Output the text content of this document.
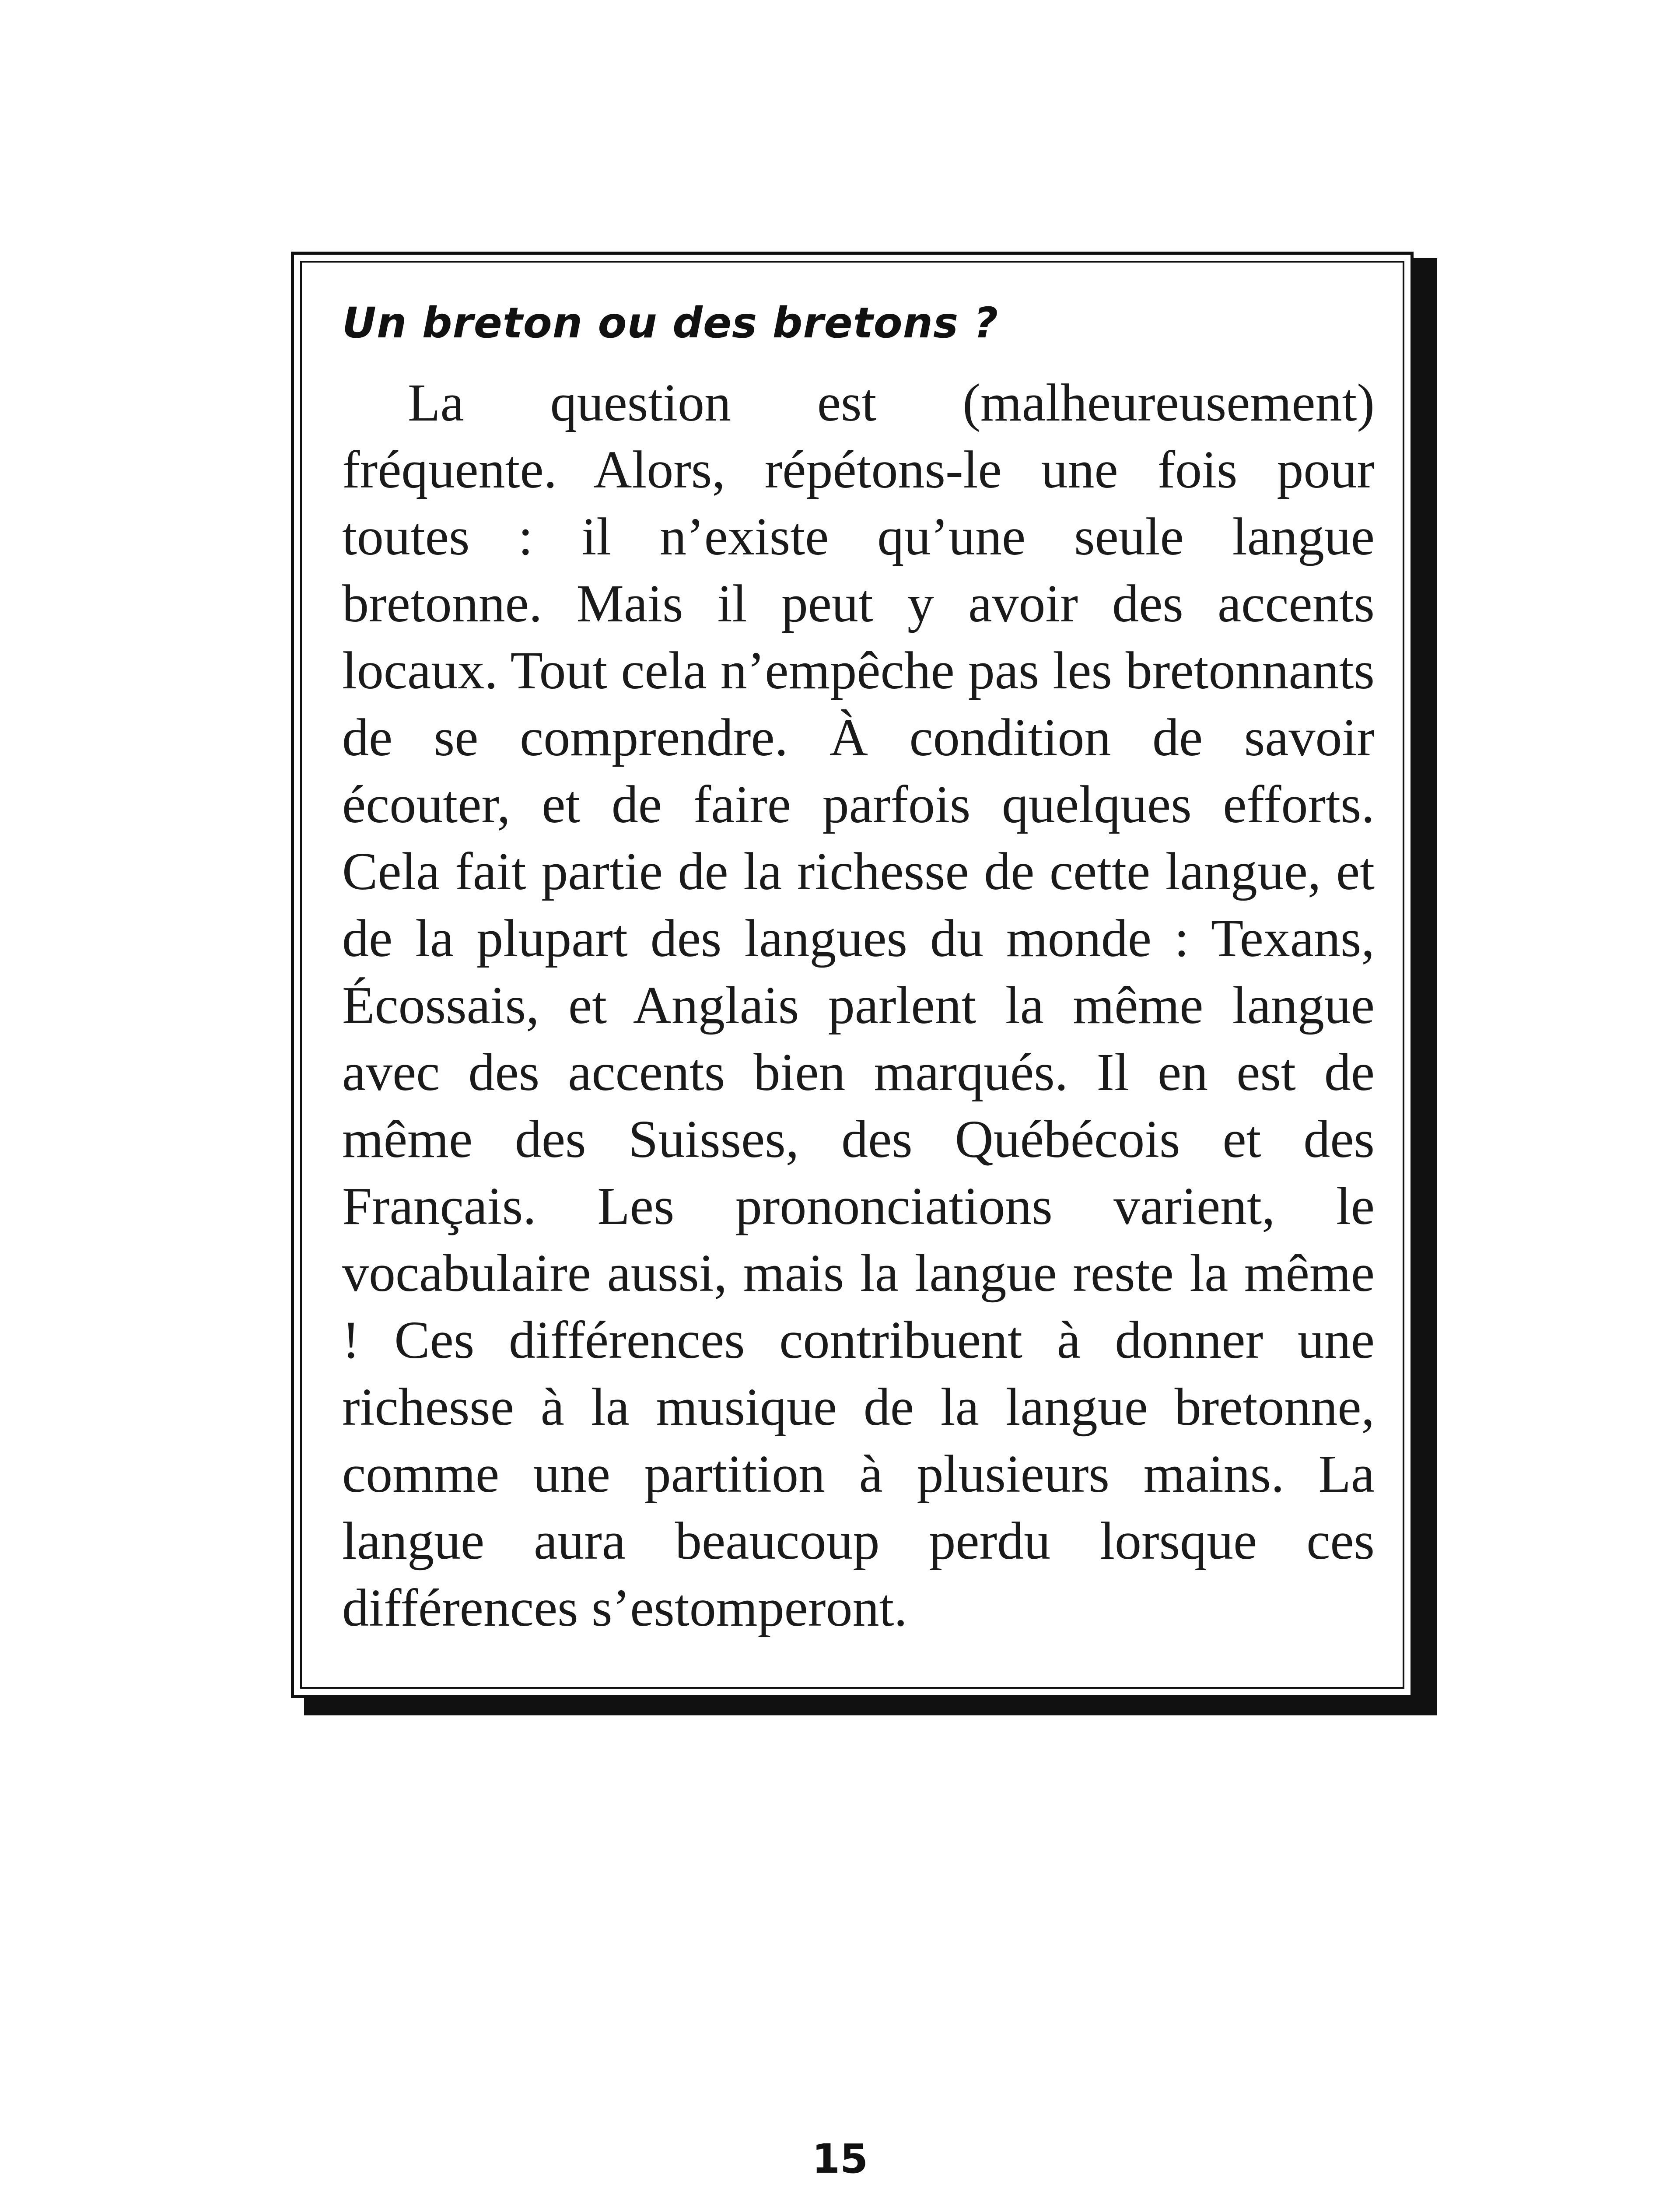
Un breton ou des bretons ?

La question est (malheureusement) fréquente. Alors, répétons-le une fois pour toutes : il n’existe qu’une seule langue bretonne. Mais il peut y avoir des accents locaux. Tout cela n’empêche pas les bretonnants de se comprendre. À condition de savoir écouter, et de faire parfois quelques efforts. Cela fait partie de la richesse de cette langue, et de la plupart des langues du monde : Texans, Écossais, et Anglais parlent la même langue avec des accents bien marqués. Il en est de même des Suisses, des Québécois et des Français. Les prononciations varient, le vocabulaire aussi, mais la langue reste la même ! Ces différences contribuent à donner une richesse à la musique de la langue bretonne, comme une partition à plusieurs mains. La langue aura beaucoup perdu lorsque ces différences s’estomperont.

15
